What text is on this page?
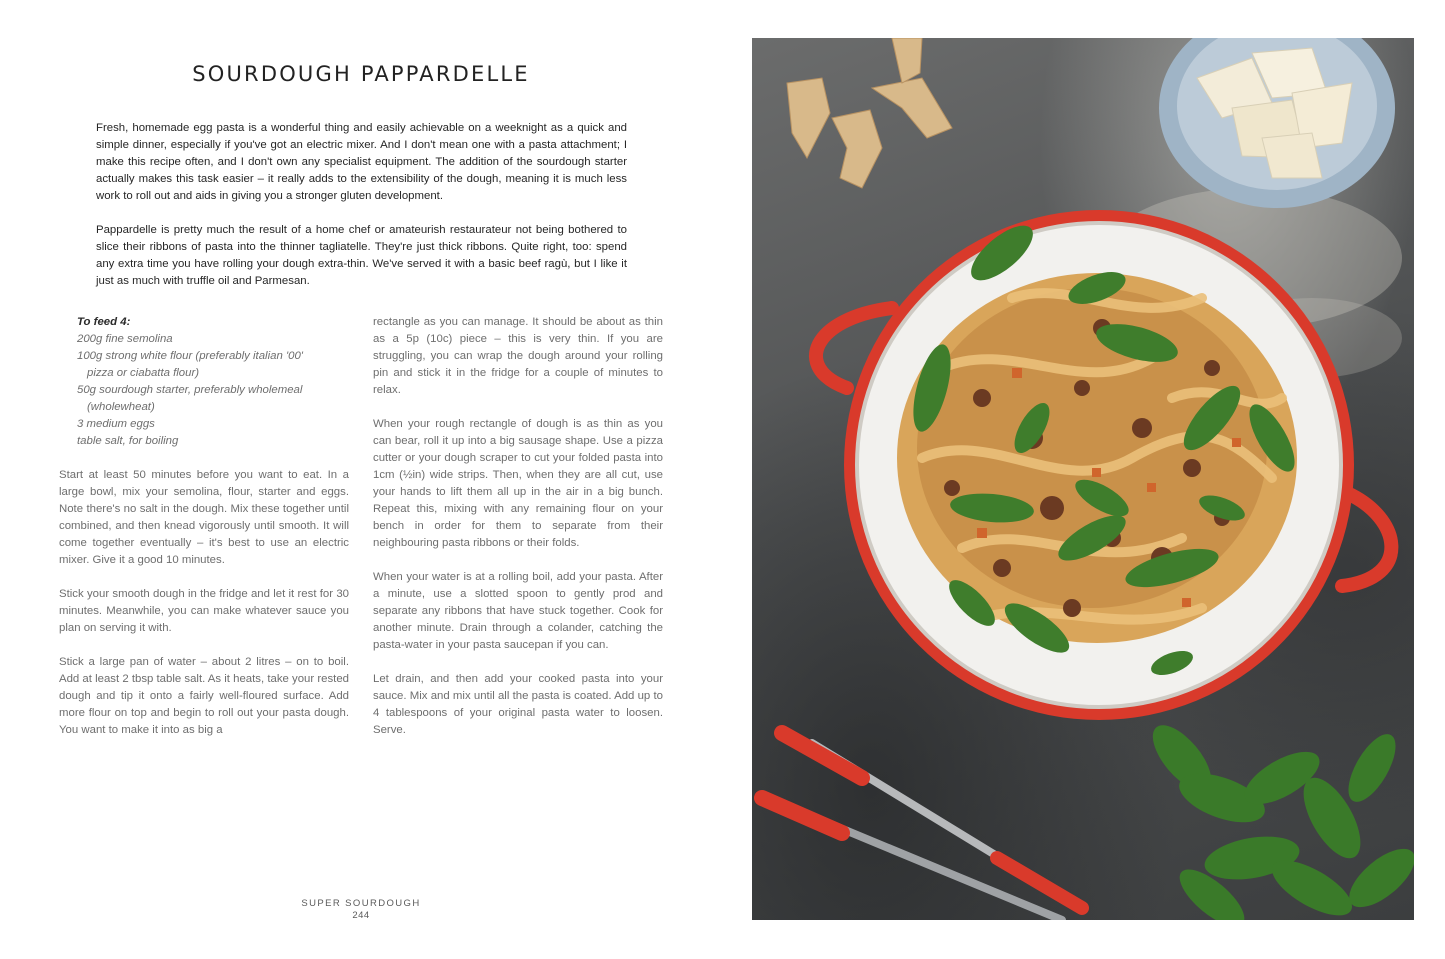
SOURDOUGH PAPPARDELLE

Fresh, homemade egg pasta is a wonderful thing and easily achievable on a weeknight as a quick and simple dinner, especially if you've got an electric mixer. And I don't mean one with a pasta attachment; I make this recipe often, and I don't own any specialist equipment. The addition of the sourdough starter actually makes this task easier – it really adds to the extensibility of the dough, meaning it is much less work to roll out and aids in giving you a stronger gluten development.

Pappardelle is pretty much the result of a home chef or amateurish restaurateur not being bothered to slice their ribbons of pasta into the thinner tagliatelle. They're just thick ribbons. Quite right, too: spend any extra time you have rolling your dough extra-thin. We've served it with a basic beef ragù, but I like it just as much with truffle oil and Parmesan.

To feed 4:
200g fine semolina
100g strong white flour (preferably italian '00'
pizza or ciabatta flour)
50g sourdough starter, preferably wholemeal
(wholewheat)
3 medium eggs
table salt, for boiling

Start at least 50 minutes before you want to eat. In a large bowl, mix your semolina, flour, starter and eggs. Note there's no salt in the dough. Mix these together until combined, and then knead vigorously until smooth. It will come together eventually – it's best to use an electric mixer. Give it a good 10 minutes.

Stick your smooth dough in the fridge and let it rest for 30 minutes. Meanwhile, you can make whatever sauce you plan on serving it with.

Stick a large pan of water – about 2 litres – on to boil. Add at least 2 tbsp table salt. As it heats, take your rested dough and tip it onto a fairly well-floured surface. Add more flour on top and begin to roll out your pasta dough. You want to make it into as big a

rectangle as you can manage. It should be about as thin as a 5p (10c) piece – this is very thin. If you are struggling, you can wrap the dough around your rolling pin and stick it in the fridge for a couple of minutes to relax.

When your rough rectangle of dough is as thin as you can bear, roll it up into a big sausage shape. Use a pizza cutter or your dough scraper to cut your folded pasta into 1cm (½in) wide strips. Then, when they are all cut, use your hands to lift them all up in the air in a big bunch. Repeat this, mixing with any remaining flour on your bench in order for them to separate from their neighbouring pasta ribbons or their folds.

When your water is at a rolling boil, add your pasta. After a minute, use a slotted spoon to gently prod and separate any ribbons that have stuck together. Cook for another minute. Drain through a colander, catching the pasta-water in your pasta saucepan if you can.

Let drain, and then add your cooked pasta into your sauce. Mix and mix until all the pasta is coated. Add up to 4 tablespoons of your original pasta water to loosen. Serve.

SUPER SOURDOUGH
244
